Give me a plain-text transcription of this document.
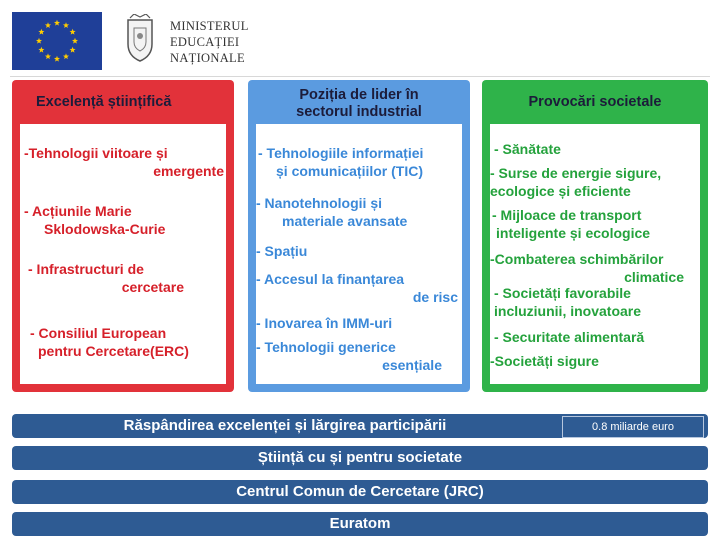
MINISTERUL
EDUCAȚIEI
NAȚIONALE
Excelență științifică
-Tehnologii viitoare și
emergente
- Acțiunile Marie
Sklodowska-Curie
- Infrastructuri de
cercetare
- Consiliul European
pentru Cercetare(ERC)
Poziția de lider în
sectorul industrial
- Tehnologiile informației
și comunicațiilor (TIC)
- Nanotehnologii și
materiale avansate
- Spațiu
- Accesul la finanțarea
de risc
- Inovarea în IMM-uri
- Tehnologii generice
esențiale
Provocări societale
- Sănătate
- Surse de energie sigure,
ecologice și eficiente
- Mijloace de transport
inteligente și ecologice
-Combaterea schimbărilor
climatice
- Societăți favorabile
incluziunii, inovatoare
- Securitate alimentară
-Societăți sigure
Răspândirea excelenței și lărgirea participării	0.8 miliarde euro
Știință cu și pentru societate
Centrul Comun de Cercetare (JRC)
Euratom
